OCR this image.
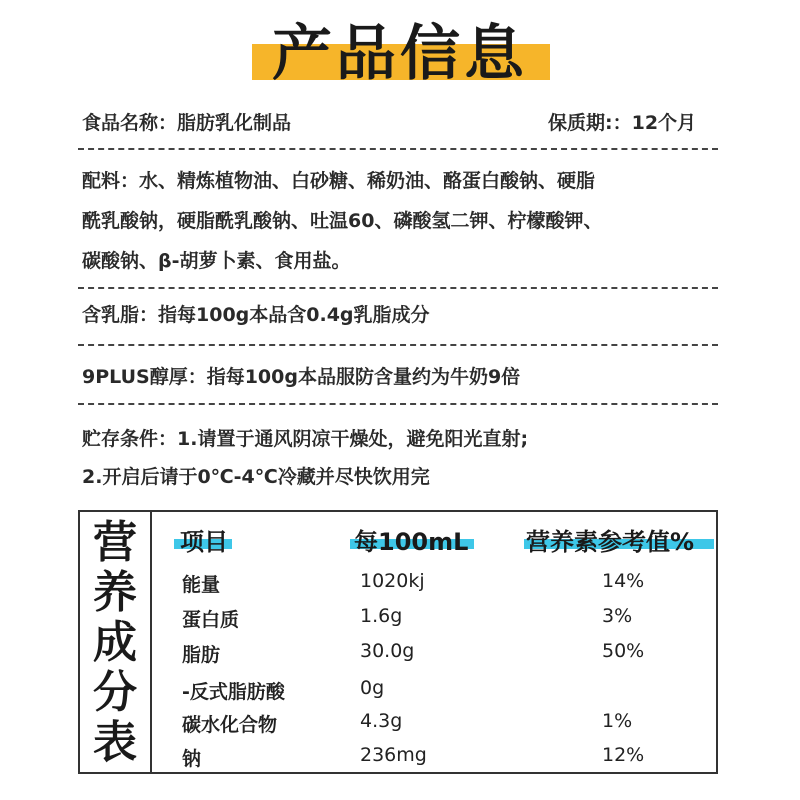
产品信息
食品名称：脂肪乳化制品	保质期:：12个月
配料：水、精炼植物油、白砂糖、稀奶油、酪蛋白酸钠、硬脂
酰乳酸钠，硬脂酰乳酸钠、吐温60、磷酸氢二钾、柠檬酸钾、
碳酸钠、β-胡萝卜素、食用盐。
含乳脂：指每100g本品含0.4g乳脂成分
9PLUS醇厚：指每100g本品服防含量约为牛奶9倍
贮存条件：1.请置于通风阴凉干燥处，避免阳光直射;
2.开启后请于0℃-4℃冷藏并尽快饮用完
营
养
成
分
表
项目	每100mL 营养素参考值%
能量	1020kj	14%
蛋白质	1.6g	3%
脂肪	30.0g	50%
-反式脂肪酸	0g
碳水化合物	4.3g	1%
钠	236mg	12%
